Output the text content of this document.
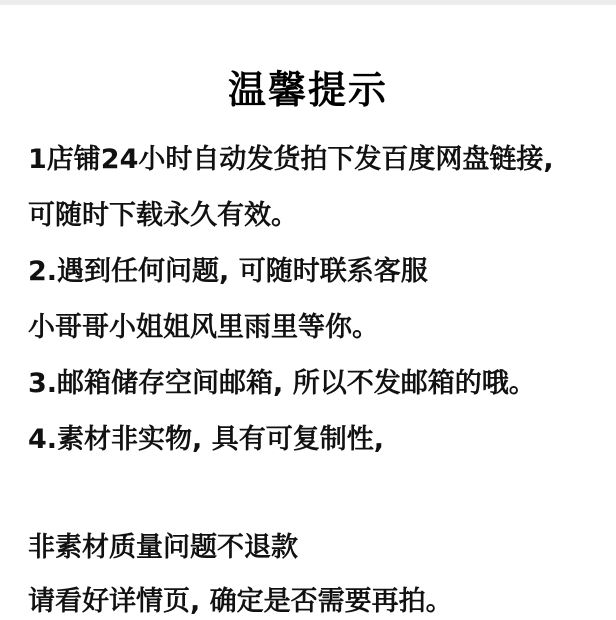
温馨提示
1店铺24小时自动发货拍下发百度网盘链接,
可随时下载永久有效。
2.遇到任何问题, 可随时联系客服
小哥哥小姐姐风里雨里等你。
3.邮箱储存空间邮箱, 所以不发邮箱的哦。
4.素材非实物, 具有可复制性,
非素材质量问题不退款
请看好详情页, 确定是否需要再拍。
